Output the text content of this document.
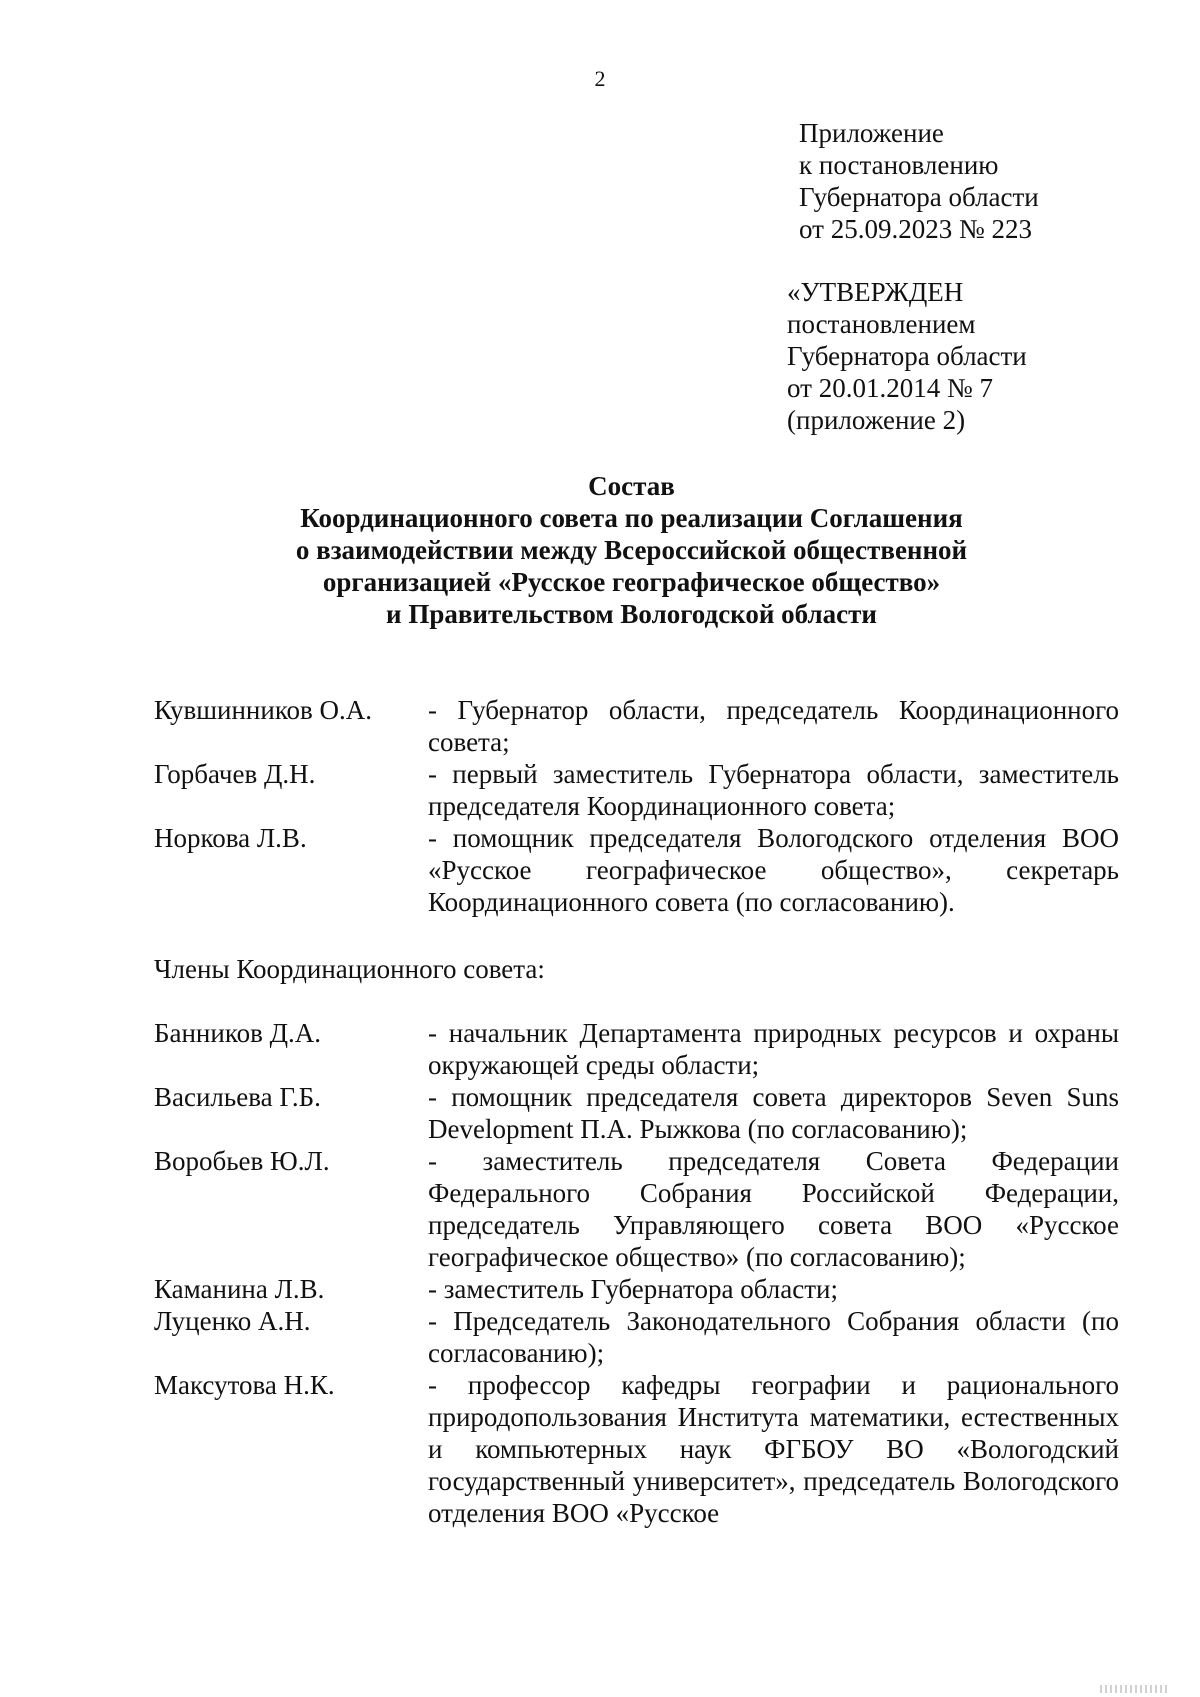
2
Приложение
к постановлению
Губернатора области
от 25.09.2023 № 223
«УТВЕРЖДЕН
постановлением
Губернатора области
от 20.01.2014 № 7
(приложение 2)
Состав
Координационного совета по реализации Соглашения
о взаимодействии между Всероссийской общественной
организацией «Русское географическое общество»
и Правительством Вологодской области
Кувшинников О.А.	- Губернатор области, председатель Координационного совета;
Горбачев Д.Н.	- первый заместитель Губернатора области, заместитель председателя Координационного совета;
Норкова Л.В.	- помощник председателя Вологодского отделения ВОО «Русское географическое общество», секретарь Координационного совета (по согласованию).
Члены Координационного совета:
Банников Д.А.	- начальник Департамента природных ресурсов и охраны окружающей среды области;
Васильева Г.Б.	- помощник председателя совета директоров Seven Suns Development П.А. Рыжкова (по согласованию);
Воробьев Ю.Л.	- заместитель председателя Совета Федерации Федерального Собрания Российской Федерации, председатель Управляющего совета ВОО «Русское географическое общество» (по согласованию);
Каманина Л.В.	- заместитель Губернатора области;
Луценко А.Н.	- Председатель Законодательного Собрания области (по согласованию);
Максутова Н.К.	- профессор кафедры географии и рационального природопользования Института математики, естественных и компьютерных наук ФГБОУ ВО «Вологодский государственный университет», председатель Вологодского отделения ВОО «Русское
